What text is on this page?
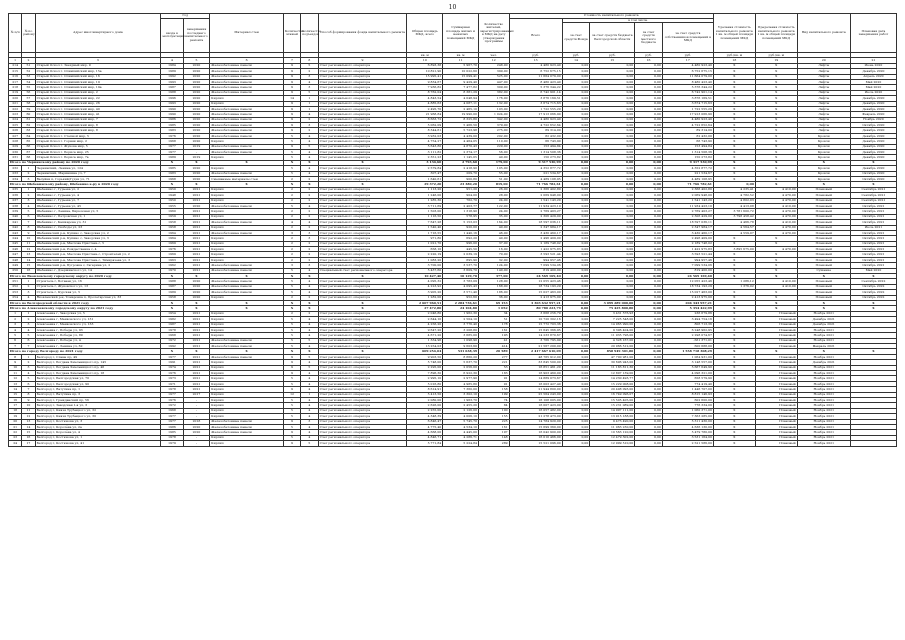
10
№ п/п	№ по району	Адрес многоквартирного дома	Год		Материал стен	Количество этажей	Количество подъездов	Способ формирования фонда капитального ремонта	Общая площадь МКД, всего	Суммарная площадь жилых и нежилых помещений МКД	Количество жителей, зарегистрированных в МКД на дату утверждения программы	Стоимость капитального ремонта					Удельная стоимость капитального ремонта 1 кв. м общей площади помещений МКД	Предельная стоимость капитального ремонта 1 кв. м общей площади помещений МКД	Вид капитального ремонта	Плановая дата завершения работ
			ввода в эксплуатацию	завершения последнего капитального ремонта								Всего	в том числе							
													за счет средств Фонда	за счет средств бюджета Белгородской области	за счет средств местного бюджета	за счет средств собственников помещений в МКД				
									кв. м	кв. м	чел.	руб.	руб.	руб.	руб.	руб.	руб./кв. м	руб./кв. м		
1	2	3	4	5	6	7	8	9	10	11	12	13	14	15	16	17	18	19	20	21
214	51	Старый Оскол г. Звездный мкр, 9	1984	2020	Железобетонные панели	9	5	Счет регионального оператора	6 893,38	5 967,70	248,00	4 480 923,40	0,00	0,00	0,00	4 480 923,40	X	X	Лифты	Июнь 2020
215	52	Старый Оскол г. Олимпийский мкр, 15а	1989	2020	Железобетонные панели	9	2	Счет регионального оператора	10 821,90	10 022,60	399,00	6 752 675,15	0,00	0,00	0,00	6 752 675,15	X	X	Лифты	Декабрь 2020
216	53	Старый Оскол г. Олимпийский мкр, 16	1992	2020	Железобетонные панели	9	3	Счет регионального оператора	15 995,41	15 099,41	525,00	11 664 079,00	0,00	0,00	0,00	11 664 079,00	X	X	Лифты	Апрель 2020
217	54	Старый Оскол г. Олимпийский мкр, 19	1993	2020	Железобетонные панели	9	4	Счет регионального оператора	9 834,67	9 429,40	447,00	8 480 423,40	0,00	0,00	0,00	8 480 423,40	X	X	Лифты	Май 2020
218	55	Старый Оскол г. Олимпийский мкр, 19а	1987	2020	Железобетонные панели	9	3	Счет регионального оператора	7 936,82	7 477,82	309,00	5 376 344,22	0,00	0,00	0,00	5 376 344,22	X	X	Лифты	Май 2020
219	56	Старый Оскол г. Олимпийский мкр, 2	1988	2020	Железобетонные панели	9	5	Счет регионального оператора	8 762,04	8 381,29	382,00	6 742 901,14	0,00	0,00	0,00	6 742 901,14	X	X	Лифты	Июль 2020
220	57	Старый Оскол г. Олимпийский мкр, 22	1996	2020	Кирпич	14	1	Счет регионального оператора	4 843,54	4 048,94	176,00	3 876 169,51	0,00	0,00	0,00	3 876 169,51	X	X	Лифты	Декабрь 2020
221	58	Старый Оскол г. Олимпийский мкр, 26	1993	2020	Кирпич	9	1	Счет регионального оператора	4 885,63	4 087,11	132,00	3 674 715,63	0,00	0,00	0,00	3 674 715,63	X	X	Лифты	Декабрь 2020
222	59	Старый Оскол г. Олимпийский мкр, 40	1990	2020	Железобетонные панели	9	1	Счет регионального оператора	2 495,70	2 465,10	103,00	1 722 555,29	0,00	0,00	0,00	1 722 555,29	X	X	Лифты	Декабрь 2020
223	60	Старый Оскол г. Олимпийский мкр, 41	1990	2020	Железобетонные панели	9	4	Счет регионального оператора	21 968,84	19 990,00	1 024,00	17 913 066,90	0,00	0,00	0,00	17 913 066,90	X	X	Лифты	Февраль 2020
224	61	Старый Оскол г. Олимпийский мкр, 7	1986	2020	Железобетонные панели	9	2	Счет регионального оператора	8 663,72	8 325,80	342,00	4 480 923,40	0,00	0,00	0,00	4 480 923,40	X	X	Лифты	Ноябрь 2020
225	62	Старый Оскол г. Олимпийский мкр, 8	1985	2020	Железобетонные панели	9	3	Счет регионального оператора	5 062,09	5 466,50	379,00	4 722 652,64	0,00	0,00	0,00	4 722 652,64	X	X	Лифты	Октябрь 2020
226	63	Старый Оскол г. Олимпийский мкр, 8	1983	2020	Железобетонные панели	9	2	Счет регионального оператора	8 344,61	5 723,98	275,00	89 314,00	0,00	0,00	0,00	89 314,00	X	X	Лифты	Декабрь 2020
227	64	Старый Оскол г. Степной мкр, 5	1976	2020	Железобетонные панели	5	4	Счет регионального оператора	3 932,03	4 439,00	202,00	82 432,00	0,00	0,00	0,00	82 432,00	X	X	Кровля	Декабрь 2020
228	65	Старый Оскол г. Горняк мкр, 2	1968	2020	Кирпич	5	4	Счет регионального оператора	4 754,27	4 464,05	110,00	66 743,90	0,00	0,00	0,00	66 743,90	X	X	Кровля	Декабрь 2020
229	66	Старый Оскол г. Жукова мкр, 5	1977	2019	Железобетонные панели	9	5	Счет регионального оператора	5 643,80	4 870,43	229,00	153 494,84	0,00	0,00	0,00	153 494,84	X	X	Кровля	Декабрь 2020
230	67	Старый Оскол г. Бориса мкр, 25	1977	-	Железобетонные панели	5	4	Счет регионального оператора	3 111,82	2 374,17	56,00	1 314 508,36	0,00	0,00	0,00	1 314 508,36	X	X	Кровля	Декабрь 2020
231	68	Старый Оскол г. Бориса мкр, 7а	1989	2019	Кирпич	5	4	Счет регионального оператора	2 351,23	1 145,05	40,00	150 273,82	0,00	0,00	0,00	150 273,82	X	X	Кровля	Декабрь 2020
Итого по Чернянскому району по 2020 году			X	X	X	X	X	X	3 134,60	2 793,60	179,00	9 317 530,99	0,00	0,00	0,00	9 317 530,99	X	X	X	X
232	1	Чернянский, Ленина ул, 124	1985	2020	Кирпич	5	4	Счет регионального оператора	2 579,84	2 418,90	105,00	4 352 877,72	0,00	0,00	0,00	4 352 877,72	X	X	Кровля	Декабрь 2020
233	2	Чернянский, Маринкина ул, 7	1983	2020	Железобетонные панели	5	4	Счет регионального оператора	307,47	209,70	55,00	221 534,67	0,00	0,00	0,00	221 534,67	X	X	Кровля	Октябрь 2020
234	3	Валуйки п, Горький(Гудзи ул, 71	1968	2020	Смешанные материалы стен	2	2	Счет регионального оператора	1 640,61	900,80	51,00	4 489 108,95	0,00	0,00	0,00	4 489 108,95	X	X	Кровля	Октябрь 2020
Итого по Шебекинскому району, Шебекино к-ру в 2020 году			X	X	X	X	X	X	29 372,20	23 380,20	819,00	71 766 782,61	0,00	0,00	0,00	71 766 782,61	0,00	X	X	X
235	1	Шебекино г, Гурьева ул, 2	1950	2021	Кирпич	2	2	Счет регионального оператора	1 113,20	951,20	26,00	2 366 402,80	0,00	0,00	0,00	2 366 402,80	4 235,41	4 410,00	Плановый	Сентябрь 2021
236	2	Шебекино г, Гурьева ул, 4	1948	2021	Кирпич	2	2	Счет регионального оператора	1 246,00	904,00	28,00	2 069 948,00	0,00	0,00	0,00	2 069 948,00	4 782,52	4 470,00	Плановый	Сентябрь 2021
237	3	Шебекино г, Гурьева ул, 7	1950	2021	Кирпич	2	2	Счет регионального оператора	1 285,30	762,70	24,00	1 541 143,20	0,00	0,00	0,00	1 541 143,20	4 802,03	4 470,00	Плановый	Сентябрь 2021
238	4	Шебекино г, Гурьева ул, 45	1955	2020	Железобетонные панели	5	4	Счет регионального оператора	3 711,69	2 403,77	122,00	11 934 423,10	0,00	0,00	0,00	11 934 423,10	4 413,08	4 410,00	Плановый	Октябрь 2021
239	5	Шебекино г, Ленина, Бирюзовая ул, 5	1960	2021	Кирпич	2	2	Счет регионального оператора	1 503,00	1 318,90	24,00	2 769 403,27	0,00	0,00	0,00	2 769 403,27	3 781 600,72	4 470,00	Плановый	Октябрь 2021
240	6	Шебекино г, Петровская ул, 1	1959	2021	Кирпич	2	2	Счет регионального оператора	1 116,50	578,95	35,00	2 306 429,00	0,00	0,00	0,00	2 306 429,00	3 798 458,42	4 470,00	Плановый	Октябрь 2021
241	7	Шебекино г, Кашкарова ул, 31	1958	2021	Железобетонные панели	4	4	Счет регионального оператора	7 647,28	5 153,03	164,00	18 597 036,11	0,00	0,00	0,00	18 597 036,11	4 466,78	4 410,00	Плановый	Октябрь 2021
242	8	Шебекино г, Свободы ул, 23	1958	2021	Кирпич	2	2	Счет регионального оператора	1 540,40	920,00	40,00	2 347 984,17	0,00	0,00	0,00	2 347 984,17	4 564,57	4 470,00	Плановый	Июль 2021
243	9	Шебекинский р-н, Купино с, Заводская ул, 2	1964	2021	Железобетонные панели	3	3	Счет регионального оператора	1 716,55	1 440,16	46,00	3 430 460,17	0,00	0,00	0,00	3 430 460,17	4 559,07	4 470,00	Плановый	Октябрь 2021
244	10	Шебекинский р-н, Купино с, Заводская ул, 3	1964	2021	Кирпич	2	3	Счет регионального оператора	971,80	692,20	40,00	2 496 409,00	0,00	0,00	0,00	2 496 409,00	X	X	Плановый	Октябрь 2021
245	11	Шебекинский р-н, Маслова Пристань с, 5	1969	2021	Кирпич	2	2	Счет регионального оператора	1 021,70	996,00	37,00	2 189 748,02	0,00	0,00	0,00	2 189 748,02	X	X	Плановый	Октябрь 2021
246	12	Шебекинский р-н, Рождественка с, 4	1976	2021	Кирпич	2	2	Счет регионального оператора	658,10	445,50	16,00	1 422 975,83	0,00	0,00	0,00	1 422 975,83	3 895 675,00	4 470,00	Плановый	Октябрь 2021
247	13	Шебекинский р-н, Маслова Пристань с, Строителей ул, 2	1969	2021	Кирпич	2	2	Счет регионального оператора	2 220,19	2 039,19	70,00	3 593 521,44	0,00	0,00	0,00	3 593 521,44	X	X	Плановый	Октябрь 2021
248	14	Шебекинский р-н, Маслова Пристань с, Тимирязева ул, 3	1963	2021	Кирпич	2	2	Счет регионального оператора	1 083,20	895,90	32,00	994 957,46	0,00	0,00	0,00	994 957,46	X	X	Плановый	Октябрь 2021
249	15	Шебекинский р-н, Бугровка с, Гагарина ул, 2	1962	2021	Железобетонные панели	3	3	Счет регионального оператора	3 700,00	3 537,70	124,00	7 099 534,06	0,00	0,00	0,00	7 099 534,06	X	X	Плановый	Октябрь 2021
250	16	Шебекино г, Дзержинского ул, 14	1970	2021	Железобетонные панели	5	4	Специальный счет регионального оператора	5 437,60	3 609,70	140,00	819 400,00	0,00	0,00	0,00	819 400,00	X	X	Сушание	Май 2020
Итого по Яковлевскому городскому округу по 2020 году			X	X	X	X	X	X	10 427,40	10 129,70	377,00	24 569 169,40	0,00	0,00	0,00	24 569 169,40	X	X	X	X
251	1	Строитель г, Ботанец ул, 16	1988	2020	Железобетонные панели	5	4	Счет регионального оператора	4 095,32	3 783,09	128,00	12 055 423,46	0,00	0,00	0,00	12 055 423,46	1 286,12	4 410,00	Плановый	Сентябрь 2022
252	2	Строитель г, Жуковского ул, 13	1987	2020	Железобетонные панели	5	4	Счет регионального оператора	4 223,92	4 095,43	168,00	18 734 193,29	0,00	0,00	0,00	18 734 193,29	1 376,02	4 410,00	Плановый	Октябрь 2022
253	3	Строитель г, Курская ул, 5	1989	2020	Железобетонные панели	5	4	Счет регионального оператора	3 905,20	3 571,40	186,00	15 027 463,00	0,00	0,00	0,00	15 027 463,00	X	X	Плановый	Октябрь 2022
254	4	Яковлевский р-н, Томаровка п, Пролетарская ул, 33	1958	2020	Кирпич	2	2	Счет регионального оператора	1 282,00	952,60	36,00	2 413 975,00	0,00	0,00	0,00	2 413 975,00	X	X	Плановый	Октябрь 2022
Итого по Белгородской области в 2021 году			X	X	X	X	X	X	2 607 960,51	2 284 736,61	69 153	3 303 632 957,21	0,00	3 099 289 000,00	0,00	204 343 957,21	X	X	X	X
Итого по Алексеевскому городскому округу по 2021 году			X	X	X	X	X	X	27 472,80	24 104,80	1 052	80 780 223,79	0,00	75 425 800,80	0,00	5 354 422,99	X	X	X	X
1	1	Алексеевка г, Заводская ул, 5	1954	2021	Кирпич	2	2	Счет регионального оператора	2 046,80	1 962,30	34	3 668 256,79	0,00	3 431 576,93	0,00	236 679,86	X	Плановый	Ноябрь 2021	
2	2	Алексеевка г, Маяковского ул, 131	1982	2021	Кирпич	5	4	Счет регионального оператора	2 644,10	2 504,10	51	10 720 302,16	0,00	7 225 548,00	0,00	3 494 754,16	X	Плановый	Декабрь 2021	
3	3	Алексеевка г, Маяковского ул, 133	1987	2021	Кирпич	5	4	Счет регионального оператора	4 256,20	3 776,40	178	15 772 703,36	0,00	14 965 990,00	0,00	806 713,36	X	Плановый	Декабрь 2021	
4	4	Алексеевка г, Победы ул, 93	1978	2021	Кирпич	5	4	Счет регионального оператора	9 647,20	3 208,80	161	15 645 366,95	0,00	9 396 404,00	0,00	6 248 962,95	X	Плановый	Ноябрь 2021	
5	5	Алексеевка г, Победы ул, 89	1968	2021	Кирпич	5	4	Счет регионального оператора	4 671,20	3 685,00	193	14 233 870,67	0,00	11 935 796,00	0,00	2 298 074,67	X	Плановый	Ноябрь 2021	
6	6	Алексеевка г, Победы ул, 4	1972	2021	Железобетонные панели	5	5	Счет регионального оператора	1 334,96	1 098,90	41	3 766 795,99	0,00	4 328 167,00	0,00	-561 371,01	X	Плановый	Ноябрь 2021	
7	7	Алексеевка г, Ленина ул, 62	1992	2021	Железобетонные панели	5	4	Счет регионального оператора	13 254,03	9 603,60	414	21 567 200,00	0,00	20 966 512,00	0,00	600 688,00	X	Плановый	Февраль 2021	
Итого по городу Белгороду по 2021 году			X	X	X	X	X	X	609 254,04	531 638,39	20 589	2 417 667 610,09	0,00	858 949 301,80	0,00	1 558 718 308,29	X	X	X	X
8	1	Белгород г, Славы пр, 49	1977	2021	Железобетонные панели	9	5	Счет регионального оператора	9 903,50	8 860,20	277	48 765 912,00	0,00	47 700 981,00	0,00	1 064 931,00	X	Плановый	Ноябрь 2021	
9	2	Белгород г, Богдана Хмельницкого пр, 145	1991	2021	Кирпич	9	4	Счет регионального оператора	5 748,00	5 637,70	221	33 845 500,00	0,00	30 696 943,00	0,00	3 148 557,00	X	Плановый	Декабрь 2021	
10	3	Белгород г, Богдана Хмельницкого пр, 46	1974	2021	Кирпич	9	5	Счет регионального оператора	2 295,00	2 056,00	53	16 851 461,20	0,00	11 183 811,30	0,00	5 667 649,90	X	Плановый	Ноябрь 2021	
11	4	Белгород г, Богдана Хмельницкого пр, 18	1976	2021	Кирпич	9	4	Счет регионального оператора	7 896,30	6 922,30	183	16 903 460,00	0,00	12 807 139,00	0,00	4 096 321,00	X	Плановый	Ноябрь 2021	
12	5	Белгород г, Белгородская ул, 70	1973	2021	Кирпич	5	4	Счет регионального оператора	2 995,10	2 977,90	91	14 889 073,67	0,00	14 230 493,77	0,00	658 579,90	X	Плановый	Ноябрь 2021	
13	6	Белгород г, Белгородская ул, 90	1971	2021	Кирпич	5	4	Счет регионального оператора	5 016,80	4 985,80	91	16 003 427,40	0,00	15 229 008,00	0,00	774 419,40	X	Плановый	Ноябрь 2021	
14	7	Белгород г, Ватутина пр, 1	1978	2021	Кирпич	9	4	Счет регионального оператора	8 614,91	7 360,00	158	21 944 800,00	0,00	20 498 093,00	0,00	1 446 707,00	X	Плановый	Ноябрь 2021	
15	8	Белгород г, Ватутина пр, 3	1977	2017	Кирпич	12	1	Счет регионального оператора	5 413,50	3 302,10	199	25 564 243,00	0,00	16 749 096,07	0,00	8 815 146,93	X	Плановый	Ноябрь 2021	
16	9	Белгород г, Гражданский пр, 56	1976	-	Кирпич	5	4	Счет регионального оператора	2 080,00	1 963,70	74	16 108 005,00	0,00	15 505 405,00	0,00	602 600,00	X	Плановый	Ноябрь 2021	
17	10	Белгород г, Заводская 1-я ул, 3	1972	-	Кирпич	5	4	Счет регионального оператора	2 626,00	2 455,20	84	16 007 423,00	0,00	15 231 089,00	0,00	776 334,00	X	Плановый	Ноябрь 2021	
18	11	Белгород г, Князя Трубецкого ул, 32	1968	-	Кирпич	5	4	Счет регионального оператора	2 255,00	2 126,00	100	16 057 482,00	0,00	14 997 111,00	0,00	1 060 371,00	X	Плановый	Ноябрь 2021	
19	12	Белгород г, Князя Трубецкого ул, 30	1977	-	Кирпич	5	4	Счет регионального оператора	4 348,39	4 006,10	155	21 278 473,00	0,00	13 915 188,00	0,00	7 363 285,00	X	Плановый	Ноябрь 2021	
20	13	Белгород г, Костюкова ул, 3	1977	2018	Железобетонные панели	9	3	Счет регионального оператора	6 846,47	5 745,70	225	14 784 920,00	0,00	9 473 490,00	0,00	5 311 430,00	X	Плановый	Ноябрь 2021	
21	14	Белгород г, Королёва ул, 2а	1986	2020	Железобетонные панели	5	4	Счет регионального оператора	4 775,40	4 534,10	161	15 699 360,00	0,00	11 063 230,00	0,00	4 636 130,00	X	Плановый	Ноябрь 2021	
22	15	Белгород г, Королёва ул, 4	1985	2020	Железобетонные панели	9	4	Счет регионального оператора	4 668,00	4 445,00	197	16 042 900,00	0,00	10 563 120,00	0,00	5 479 780,00	X	Плановый	Ноябрь 2021	
23	16	Белгород г, Костюкова ул, 1	1978	-	Кирпич	5	4	Счет регионального оператора	4 846,71	4 286,71	148	16 010 466,00	0,00	12 479 302,00	0,00	3 531 164,00	X	Плановый	Ноябрь 2021	
24	17	Белгород г, Костюкова ул, 41	1979	-	Кирпич	9	5	Счет регионального оператора	5 771,84	5 224,84	289	15 521 096,00	0,00	12 999 510,00	0,00	2 521 586,00	X	Плановый	Ноябрь 2021	
